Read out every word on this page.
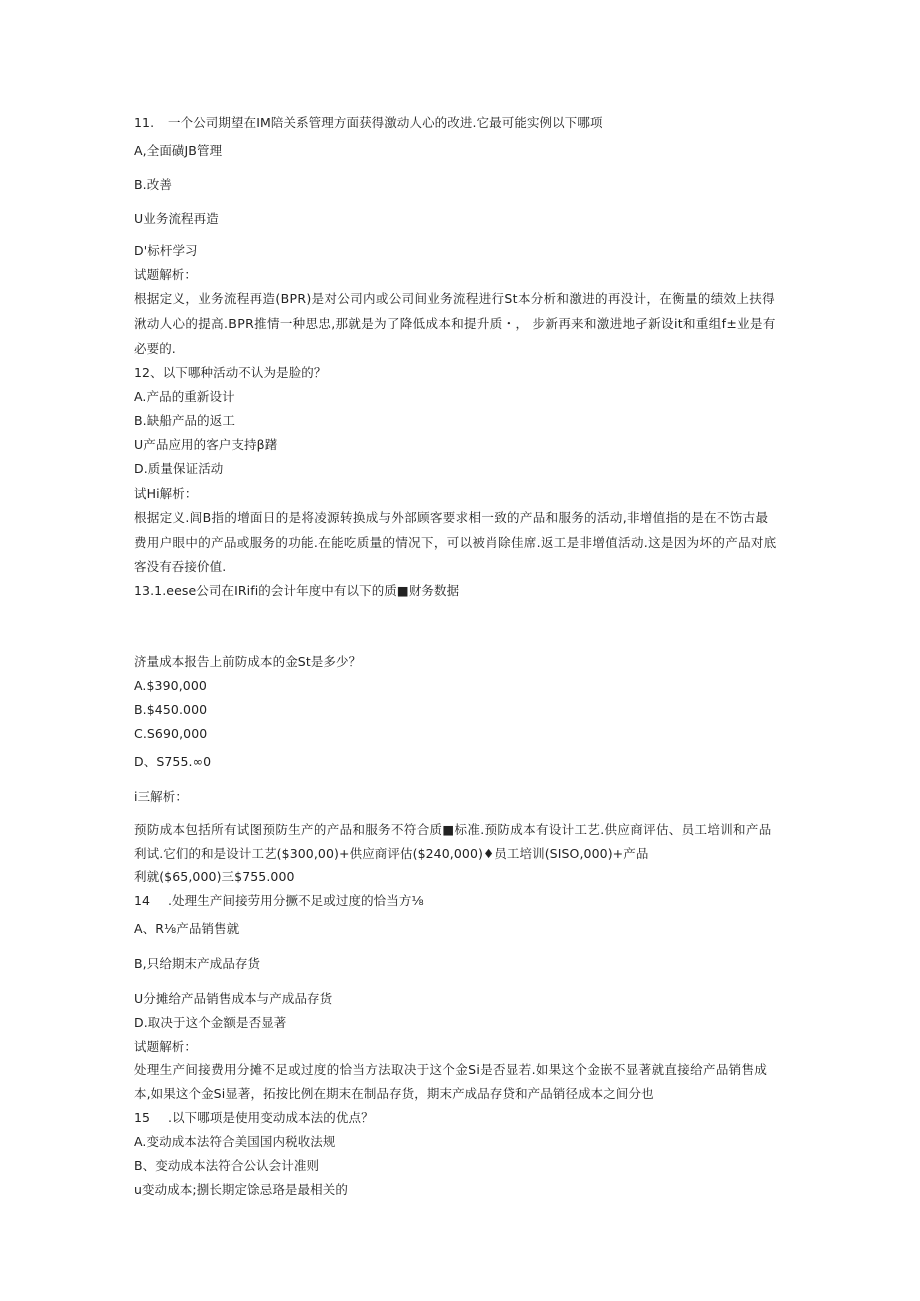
11. 一个公司期望在IM陪关系管理方面获得激动人心的改进.它最可能实例以下哪项

A,全面磺JB管理

B.改善

U业务流程再造

D'标杆学习

试题解析：

根据定义，业务流程再造(BPR)是对公司内或公司间业务流程进行St本分析和激进的再没计，在衡量的绩效上扶得

湫动人心的提高.BPR推情一种思忠,那就是为了降低成本和提升质・， 步新再来和激进地孑新设it和重组f±业是有

必要的.

12、以下哪种活动不认为是脸的？

A.产品的重新设计

B.缺船产品的返工

U产品应用的客户支持β躇

D.质量保证活动

试Hi解析：

根据定义.闾B指的增面日的是将凌源转换成与外部顾客要求相一致的产品和服务的活动,非增值指的是在不饬古最

费用户眼中的产品或服务的功能.在能吃质量的情况下，可以被肖除佳席.返工是非增值活动.这是因为坏的产品对底

客没有吞接价值.

13.1.eese公司在IRifi的会计年度中有以下的质■财务数据

济量成本报告上前防成本的金St是多少？

A.$390,000

B.$450.000

C.S690,000

D、S755.∞0

i三解析：

预防成本包括所有试图预防生产的产品和服务不符合质■标准.预防成本有设计工艺.供应商评估、员工培训和产品

利试.它们的和是设计工艺($300,00)+供应商评估($240,000)♦员工培训(SISO,000)+产品

利就($65,000)三$755.000

14 .处理生产间接劳用分撅不足或过度的恰当方⅛

A、R⅛产品销售就

B,只给期末产成品存货

U分摊给产品销售成本与产成品存货

D.取决于这个金额是否显著

试题解析：

处理生产间接费用分摊不足或过度的恰当方法取决于这个金Si是否显若.如果这个金嵌不显著就直接给产品销售成

本,如果这个金Si显著，拓按比例在期末在制品存货，期末产成品存贷和产品销径成本之间分也

15 .以下哪项是使用变动成本法的优点？

A.变动成本法符合美国国内税收法规

B、变动成本法符合公认会计准则

u变动成本;捌长期定馀忌珞是最相关的
